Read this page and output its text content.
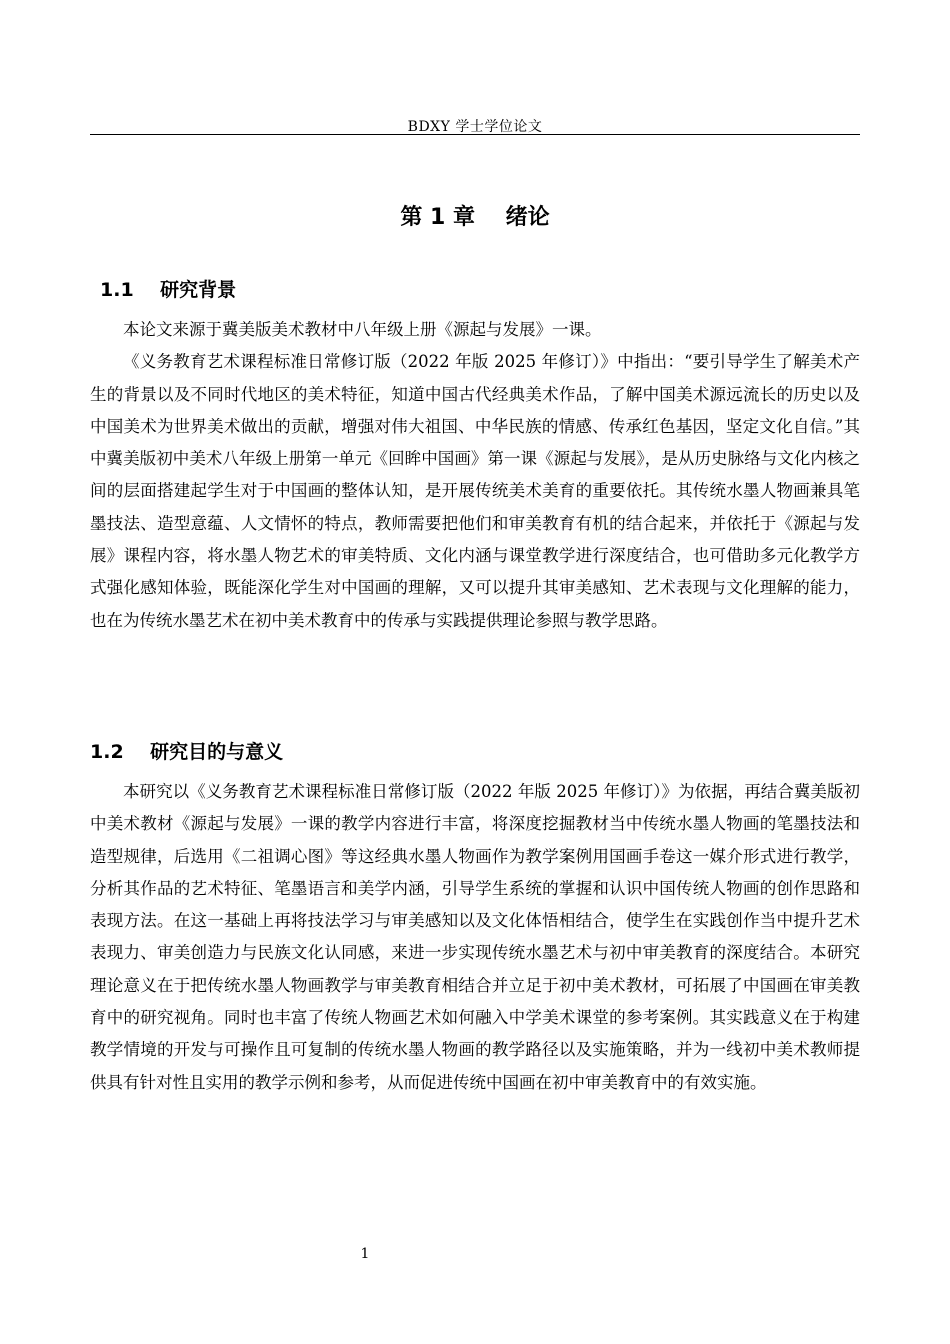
BDXY 学士学位论文
第 1 章    绪论
1.1    研究背景

本论文来源于冀美版美术教材中八年级上册《源起与发展》一课。

《义务教育艺术课程标准日常修订版（2022 年版 2025 年修订）》中指出：“要引导学生了解美术产生的背景以及不同时代地区的美术特征，知道中国古代经典美术作品，了解中国美术源远流长的历史以及中国美术为世界美术做出的贡献，增强对伟大祖国、中华民族的情感、传承红色基因，坚定文化自信。”其中冀美版初中美术八年级上册第一单元《回眸中国画》第一课《源起与发展》，是从历史脉络与文化内核之间的层面搭建起学生对于中国画的整体认知，是开展传统美术美育的重要依托。其传统水墨人物画兼具笔墨技法、造型意蕴、人文情怀的特点，教师需要把他们和审美教育有机的结合起来，并依托于《源起与发展》课程内容，将水墨人物艺术的审美特质、文化内涵与课堂教学进行深度结合，也可借助多元化教学方式强化感知体验，既能深化学生对中国画的理解，又可以提升其审美感知、艺术表现与文化理解的能力，也在为传统水墨艺术在初中美术教育中的传承与实践提供理论参照与教学思路。

1.2    研究目的与意义

本研究以《义务教育艺术课程标准日常修订版（2022 年版 2025 年修订）》为依据，再结合冀美版初中美术教材《源起与发展》一课的教学内容进行丰富，将深度挖掘教材当中传统水墨人物画的笔墨技法和造型规律，后选用《二祖调心图》等这经典水墨人物画作为教学案例用国画手卷这一媒介形式进行教学，分析其作品的艺术特征、笔墨语言和美学内涵，引导学生系统的掌握和认识中国传统人物画的创作思路和表现方法。在这一基础上再将技法学习与审美感知以及文化体悟相结合，使学生在实践创作当中提升艺术表现力、审美创造力与民族文化认同感，来进一步实现传统水墨艺术与初中审美教育的深度结合。本研究理论意义在于把传统水墨人物画教学与审美教育相结合并立足于初中美术教材，可拓展了中国画在审美教育中的研究视角。同时也丰富了传统人物画艺术如何融入中学美术课堂的参考案例。其实践意义在于构建教学情境的开发与可操作且可复制的传统水墨人物画的教学路径以及实施策略，并为一线初中美术教师提供具有针对性且实用的教学示例和参考，从而促进传统中国画在初中审美教育中的有效实施。

1
